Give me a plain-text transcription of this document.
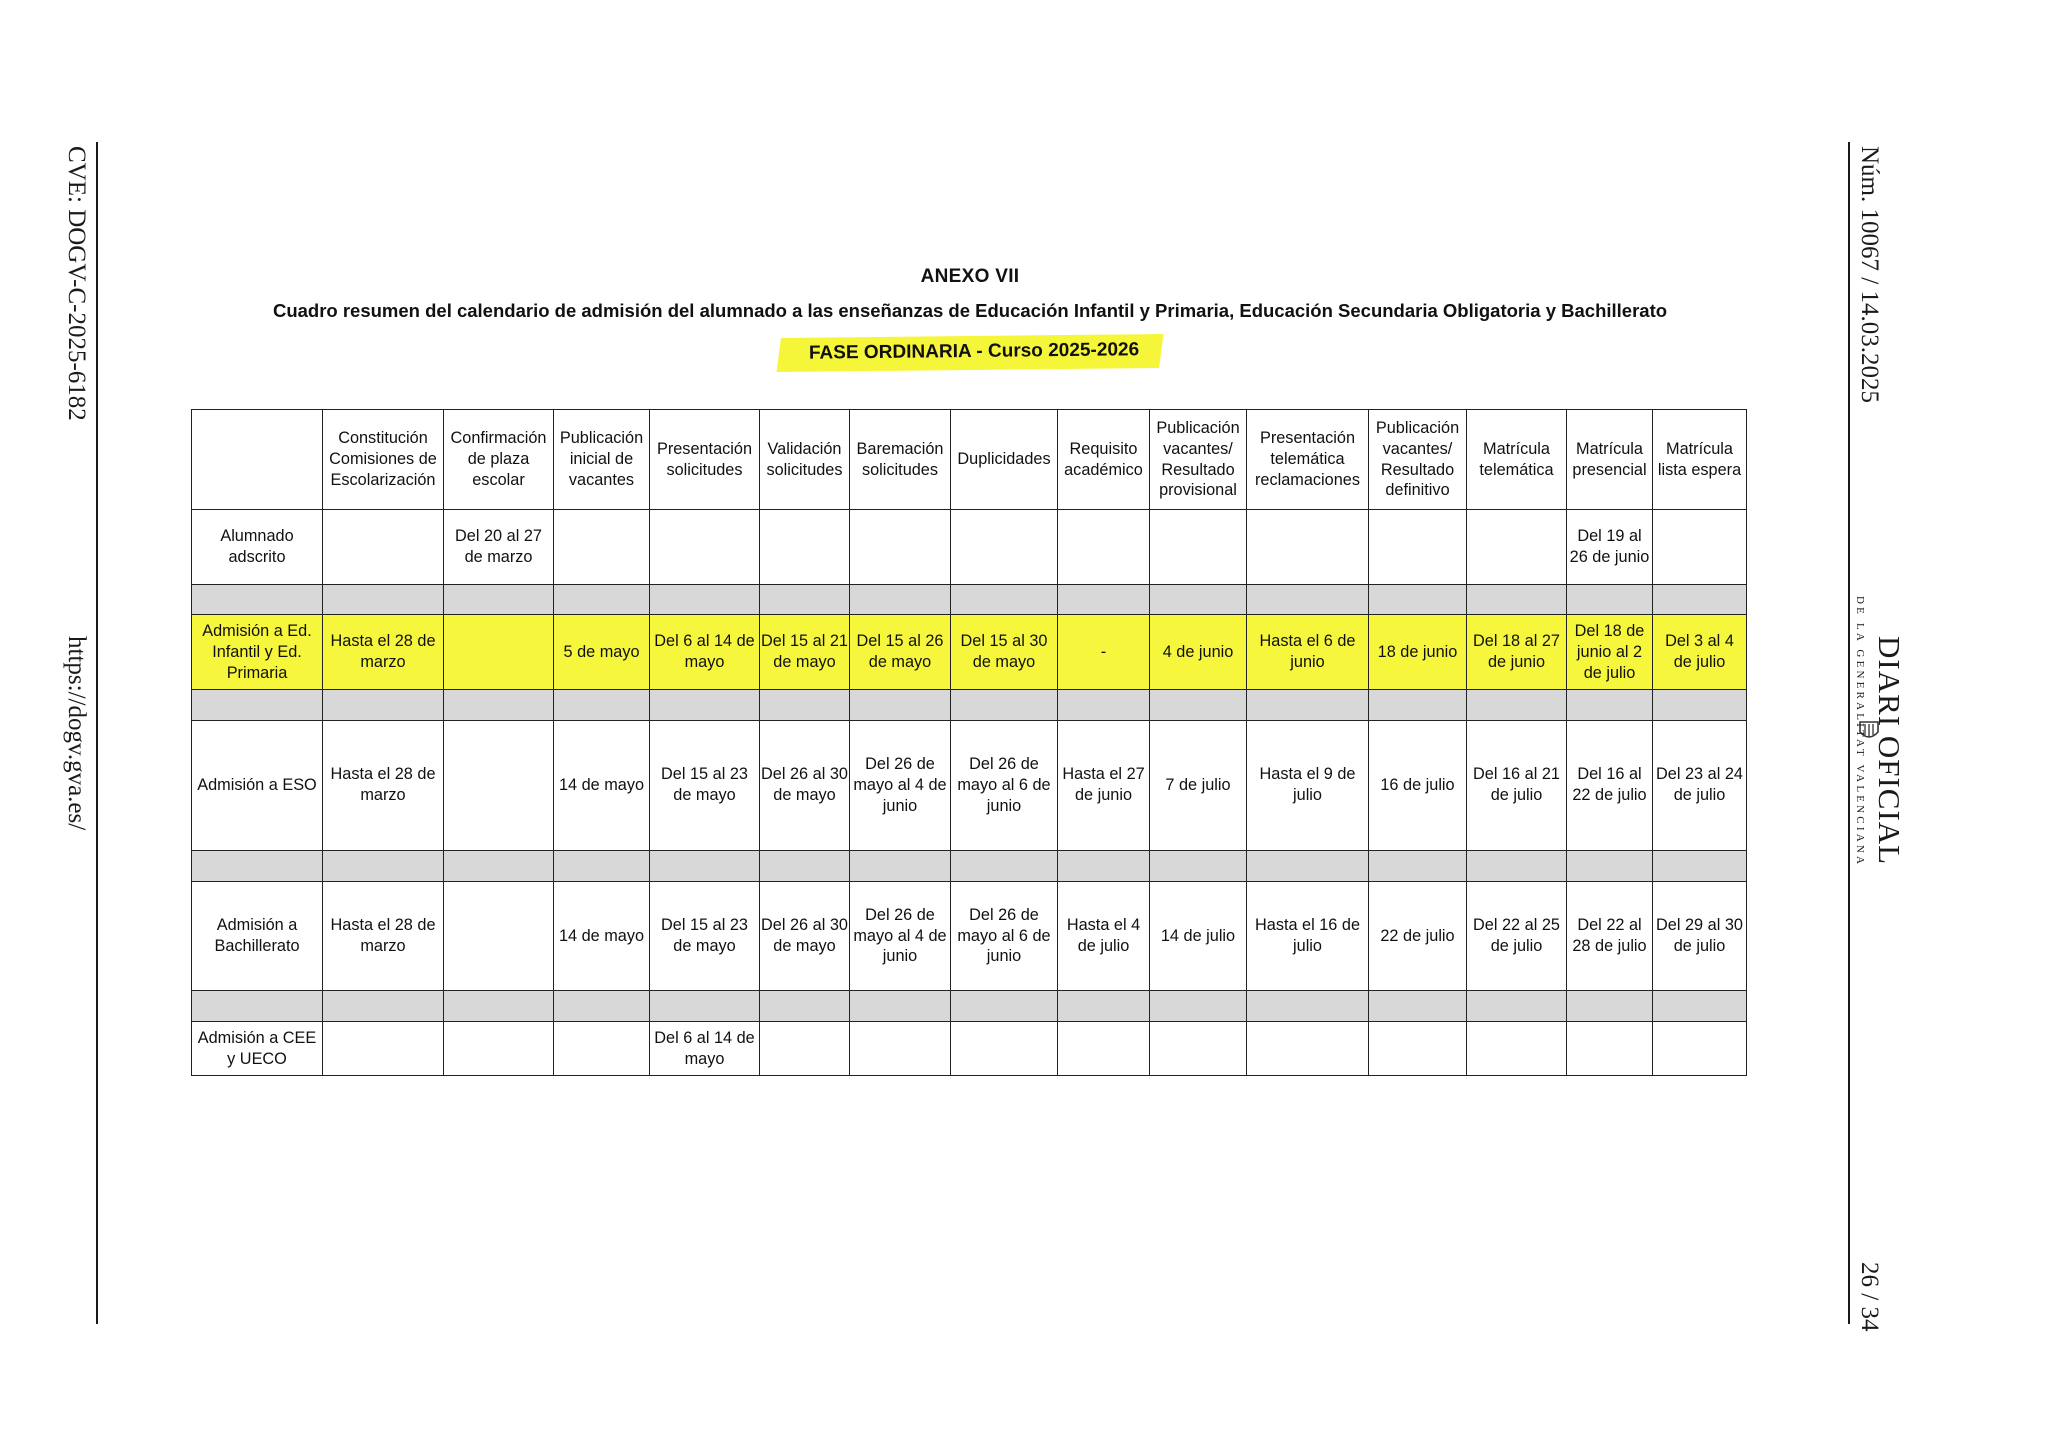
CVE: DOGV-C-2025-6182
https://dogv.gva.es/
Núm. 10067 / 14.03.2025
DIARI OFICIAL
DE LA GENERALITAT VALENCIANA
26 / 34
ANEXO VII
Cuadro resumen del calendario de admisión del alumnado a las enseñanzas de Educación Infantil y Primaria, Educación Secundaria Obligatoria y Bachillerato
FASE ORDINARIA - Curso 2025-2026
	Constitución Comisiones de Escolarización	Confirmación de plaza escolar	Publicación inicial de vacantes	Presentación solicitudes	Validación solicitudes	Baremación solicitudes	Duplicidades	Requisito académico	Publicación vacantes/ Resultado provisional	Presentación telemática reclamaciones	Publicación vacantes/ Resultado definitivo	Matrícula telemática	Matrícula presencial	Matrícula lista espera
Alumnado adscrito		Del 20 al 27 de marzo											Del 19 al 26 de junio	

Admisión a Ed. Infantil y Ed. Primaria	Hasta el 28 de marzo		5 de mayo	Del 6 al 14 de mayo	Del 15 al 21 de mayo	Del 15 al 26 de mayo	Del 15 al 30 de mayo	-	4 de junio	Hasta el 6 de junio	18 de junio	Del 18 al 27 de junio	Del 18 de junio al 2 de julio	Del 3 al 4 de julio

Admisión a ESO	Hasta el 28 de marzo		14 de mayo	Del 15 al 23 de mayo	Del 26 al 30 de mayo	Del 26 de mayo al 4 de junio	Del 26 de mayo al 6 de junio	Hasta el 27 de junio	7 de julio	Hasta el 9 de julio	16 de julio	Del 16 al 21 de julio	Del 16 al 22 de julio	Del 23 al 24 de julio

Admisión a Bachillerato	Hasta el 28 de marzo		14 de mayo	Del 15 al 23 de mayo	Del 26 al 30 de mayo	Del 26 de mayo al 4 de junio	Del 26 de mayo al 6 de junio	Hasta el 4 de julio	14 de julio	Hasta el 16 de julio	22 de julio	Del 22 al 25 de julio	Del 22 al 28 de julio	Del 29 al 30 de julio

Admisión a CEE y UECO				Del 6 al 14 de mayo										
